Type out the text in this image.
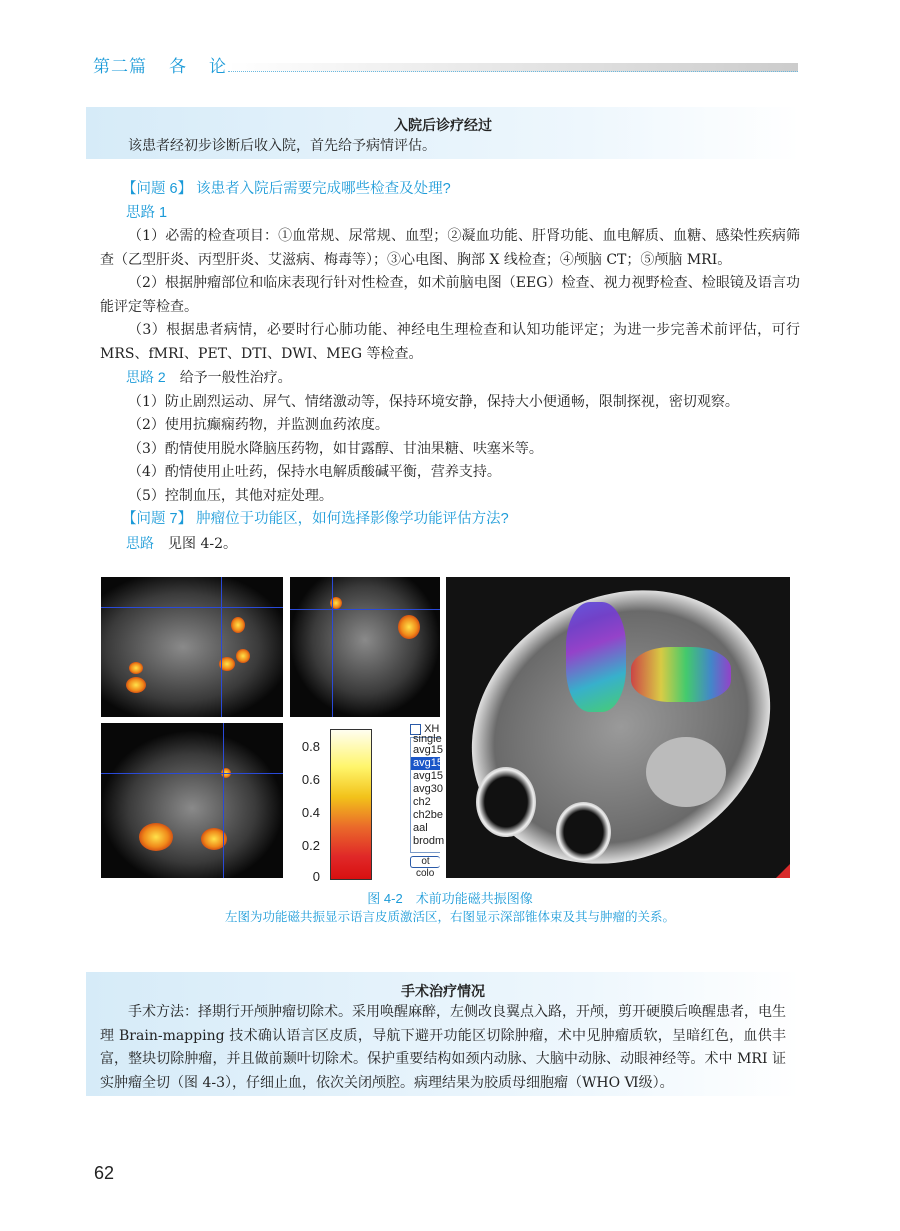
第二篇 各 论
入院后诊疗经过
该患者经初步诊断后收入院，首先给予病情评估。
【问题 6】 该患者入院后需要完成哪些检查及处理?
思路 1

（1）必需的检查项目：①血常规、尿常规、血型；②凝血功能、肝肾功能、血电解质、血糖、感染性疾病筛查（乙型肝炎、丙型肝炎、艾滋病、梅毒等）；③心电图、胸部 X 线检查；④颅脑 CT；⑤颅脑 MRI。

（2）根据肿瘤部位和临床表现行针对性检查，如术前脑电图（EEG）检查、视力视野检查、检眼镜及语言功能评定等检查。

（3）根据患者病情，必要时行心肺功能、神经电生理检查和认知功能评定；为进一步完善术前评估，可行 MRS、fMRI、PET、DTI、DWI、MEG 等检查。

思路 2　 给予一般性治疗。

（1）防止剧烈运动、屏气、情绪激动等，保持环境安静，保持大小便通畅，限制探视，密切观察。

（2）使用抗癫痫药物，并监测血药浓度。

（3）酌情使用脱水降脑压药物，如甘露醇、甘油果糖、呋塞米等。

（4）酌情使用止吐药，保持水电解质酸碱平衡，营养支持。

（5）控制血压，其他对症处理。

【问题 7】 肿瘤位于功能区，如何选择影像学功能评估方法?
思路　 见图 4-2。
0.8
0.6
0.4
0.2
0
XH
single
avg15
avg15
avg15
avg30
ch2
ch2be
aal
brodm
ot
colo
图 4-2　术前功能磁共振图像
左图为功能磁共振显示语言皮质激活区，右图显示深部锥体束及其与肿瘤的关系。
手术治疗情况
手术方法：择期行开颅肿瘤切除术。采用唤醒麻醉，左侧改良翼点入路，开颅，剪开硬膜后唤醒患者，电生理 Brain-mapping 技术确认语言区皮质，导航下避开功能区切除肿瘤，术中见肿瘤质软，呈暗红色，血供丰富，整块切除肿瘤，并且做前颞叶切除术。保护重要结构如颈内动脉、大脑中动脉、动眼神经等。术中 MRI 证实肿瘤全切（图 4-3），仔细止血，依次关闭颅腔。病理结果为胶质母细胞瘤（WHO Ⅵ级）。
62
